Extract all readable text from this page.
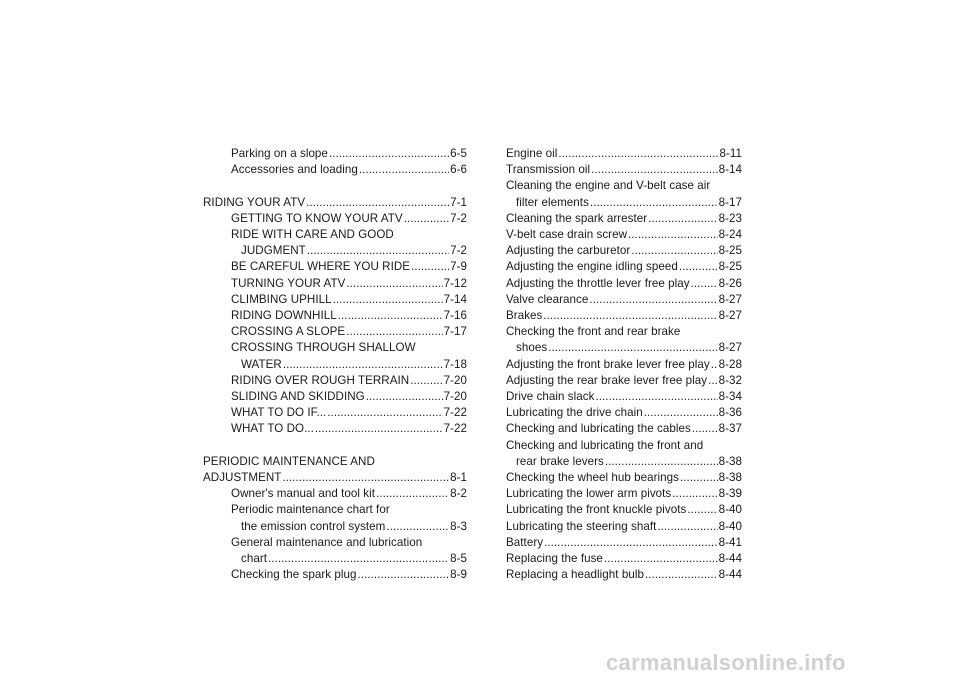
Parking on a slope .....	6-5
Accessories and loading .....	6-6
RIDING YOUR ATV .....	7-1
GETTING TO KNOW YOUR ATV .....	7-2
RIDE WITH CARE AND GOOD
JUDGMENT .....	7-2
BE CAREFUL WHERE YOU RIDE .....	7-9
TURNING YOUR ATV .....	7-12
CLIMBING UPHILL .....	7-14
RIDING DOWNHILL .....	7-16
CROSSING A SLOPE .....	7-17
CROSSING THROUGH SHALLOW
WATER .....	7-18
RIDING OVER ROUGH TERRAIN .....	7-20
SLIDING AND SKIDDING .....	7-20
WHAT TO DO IF... .....	7-22
WHAT TO DO... .....	7-22
PERIODIC MAINTENANCE AND
ADJUSTMENT .....	8-1
Owner's manual and tool kit .....	8-2
Periodic maintenance chart for
the emission control system .....	8-3
General maintenance and lubrication
chart .....	8-5
Checking the spark plug .....	8-9
Engine oil .....	8-11
Transmission oil .....	8-14
Cleaning the engine and V-belt case air
filter elements .....	8-17
Cleaning the spark arrester .....	8-23
V-belt case drain screw .....	8-24
Adjusting the carburetor .....	8-25
Adjusting the engine idling speed .....	8-25
Adjusting the throttle lever free play ..... 8-26
Valve clearance .....	8-27
Brakes .....	8-27
Checking the front and rear brake
shoes .....	8-27
Adjusting the front brake lever free play ..... 8-28
Adjusting the rear brake lever free play ..... 8-32
Drive chain slack .....	8-34
Lubricating the drive chain .....	8-36
Checking and lubricating the cables ..... 8-37
Checking and lubricating the front and
rear brake levers .....	8-38
Checking the wheel hub bearings .....	8-38
Lubricating the lower arm pivots .....	8-39
Lubricating the front knuckle pivots .....	8-40
Lubricating the steering shaft .....	8-40
Battery .....	8-41
Replacing the fuse .....	8-44
Replacing a headlight bulb .....	8-44
carmanualsonline.info
